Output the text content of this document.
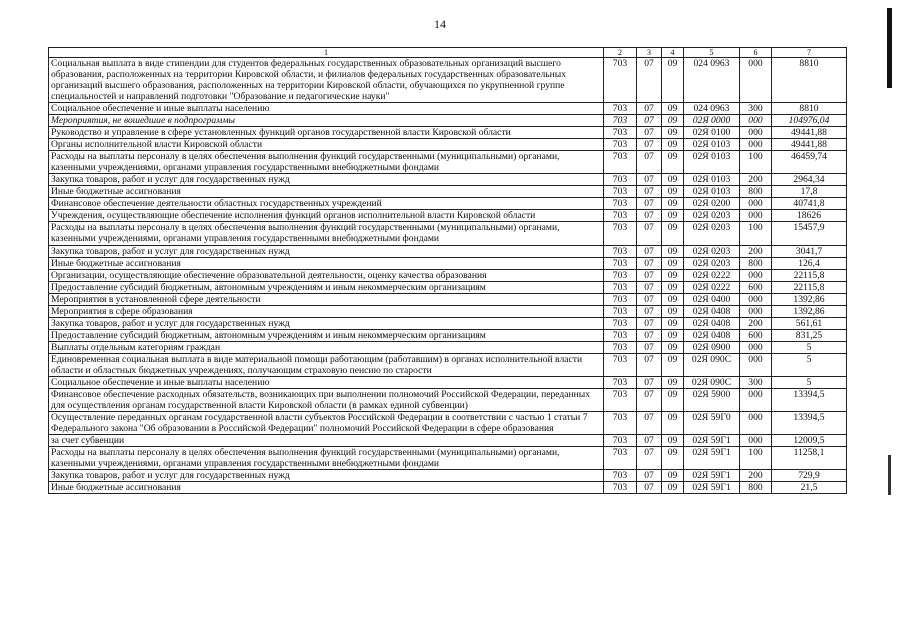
14
1	2	3	4	5	6	7
Социальная выплата в виде стипендии для студентов федеральных государственных образовательных организаций высшего образования, расположенных на территории Кировской области, и филиалов федеральных государственных образовательных организаций высшего образования, расположенных на территории Кировской области, обучающихся по укрупненной группе специальностей и направлений подготовки "Образование и педагогические науки"	703	07	09	024 0963	000	8810
Социальное обеспечение и иные выплаты населению	703	07	09	024 0963	300	8810
Мероприятия, не вошедшие в подпрограммы	703	07	09	02Я 0000	000	104976,04
Руководство и управление в сфере установленных функций органов государственной власти Кировской области	703	07	09	02Я 0100	000	49441,88
Органы исполнительной власти Кировской области	703	07	09	02Я 0103	000	49441,88
Расходы на выплаты персоналу в целях обеспечения выполнения функций государственными (муниципальными) органами, казенными учреждениями, органами управления государственными внебюджетными фондами	703	07	09	02Я 0103	100	46459,74
Закупка товаров, работ и услуг для государственных нужд	703	07	09	02Я 0103	200	2964,34
Иные бюджетные ассигнования	703	07	09	02Я 0103	800	17,8
Финансовое обеспечение деятельности областных государственных учреждений	703	07	09	02Я 0200	000	40741,8
Учреждения, осуществляющие обеспечение исполнения функций органов исполнительной власти Кировской области	703	07	09	02Я 0203	000	18626
Расходы на выплаты персоналу в целях обеспечения выполнения функций государственными (муниципальными) органами, казенными учреждениями, органами управления государственными внебюджетными фондами	703	07	09	02Я 0203	100	15457,9
Закупка товаров, работ и услуг для государственных нужд	703	07	09	02Я 0203	200	3041,7
Иные бюджетные ассигнования	703	07	09	02Я 0203	800	126,4
Организации, осуществляющие обеспечение образовательной деятельности, оценку качества образования	703	07	09	02Я 0222	000	22115,8
Предоставление субсидий бюджетным, автономным учреждениям и иным некоммерческим организациям	703	07	09	02Я 0222	600	22115,8
Мероприятия в установленной сфере деятельности	703	07	09	02Я 0400	000	1392,86
Мероприятия в сфере образования	703	07	09	02Я 0408	000	1392,86
Закупка товаров, работ и услуг для государственных нужд	703	07	09	02Я 0408	200	561,61
Предоставление субсидий бюджетным, автономным учреждениям и иным некоммерческим организациям	703	07	09	02Я 0408	600	831,25
Выплаты отдельным категориям граждан	703	07	09	02Я 0900	000	5
Единовременная социальная выплата в виде материальной помощи работающим (работавшим) в органах исполнительной власти области и областных бюджетных учреждениях, получающим страховую пенсию по старости	703	07	09	02Я 090С	000	5
Социальное обеспечение и иные выплаты населению	703	07	09	02Я 090С	300	5
Финансовое обеспечение расходных обязательств, возникающих при выполнении полномочий Российской Федерации, переданных для осуществления органам государственной власти Кировской области (в рамках единой субвенции)	703	07	09	02Я 5900	000	13394,5
Осуществление переданных органам государственной власти субъектов Российской Федерации в соответствии с частью 1 статьи 7 Федерального закона "Об образовании в Российской Федерации" полномочий Российской Федерации в сфере образования	703	07	09	02Я 59Г0	000	13394,5
за счет субвенции	703	07	09	02Я 59Г1	000	12009,5
Расходы на выплаты персоналу в целях обеспечения выполнения функций государственными (муниципальными) органами, казенными учреждениями, органами управления государственными внебюджетными фондами	703	07	09	02Я 59Г1	100	11258,1
Закупка товаров, работ и услуг для государственных нужд	703	07	09	02Я 59Г1	200	729,9
Иные бюджетные ассигнования	703	07	09	02Я 59Г1	800	21,5
